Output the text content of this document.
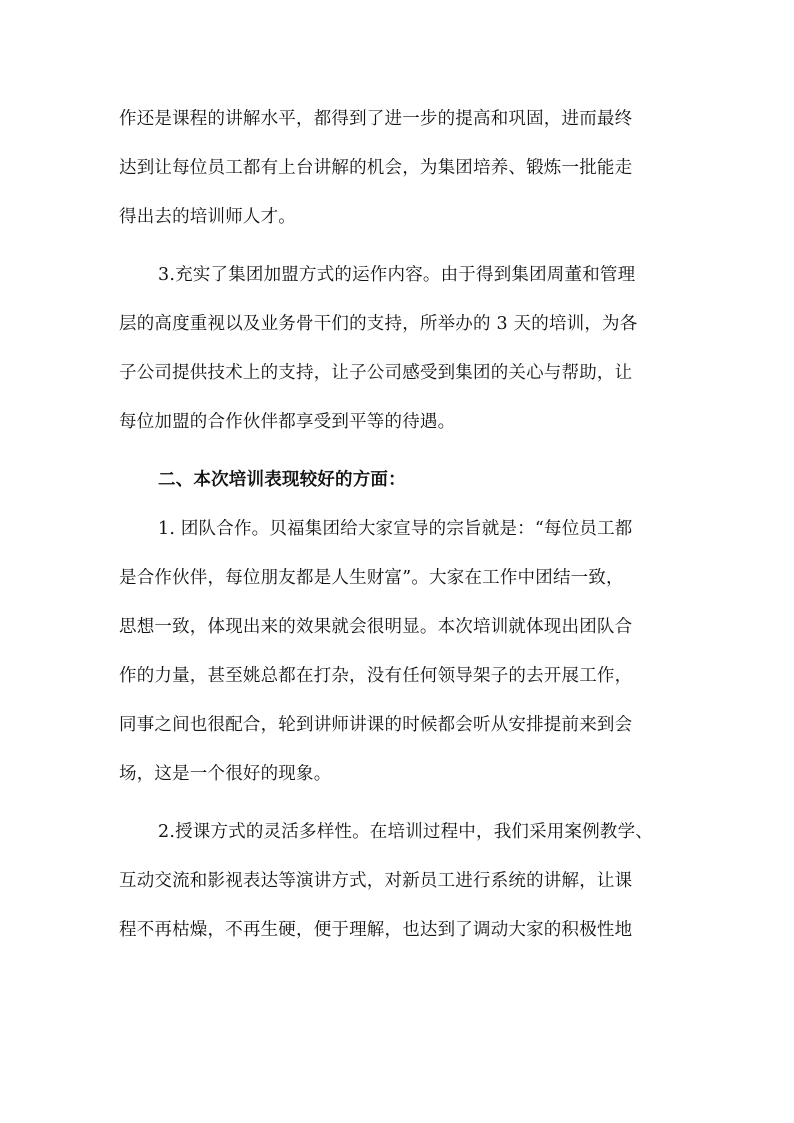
作还是课程的讲解水平，都得到了进一步的提高和巩固，进而最终
达到让每位员工都有上台讲解的机会，为集团培养、锻炼一批能走
得出去的培训师人才。
3.充实了集团加盟方式的运作内容。由于得到集团周董和管理
层的高度重视以及业务骨干们的支持，所举办的 3 天的培训，为各
子公司提供技术上的支持，让子公司感受到集团的关心与帮助，让
每位加盟的合作伙伴都享受到平等的待遇。
二、本次培训表现较好的方面：
1. 团队合作。贝福集团给大家宣导的宗旨就是：“每位员工都
是合作伙伴，每位朋友都是人生财富”。大家在工作中团结一致，
思想一致，体现出来的效果就会很明显。本次培训就体现出团队合
作的力量，甚至姚总都在打杂，没有任何领导架子的去开展工作，
同事之间也很配合，轮到讲师讲课的时候都会听从安排提前来到会
场，这是一个很好的现象。
2.授课方式的灵活多样性。在培训过程中，我们采用案例教学、
互动交流和影视表达等演讲方式，对新员工进行系统的讲解，让课
程不再枯燥，不再生硬，便于理解，也达到了调动大家的积极性地
